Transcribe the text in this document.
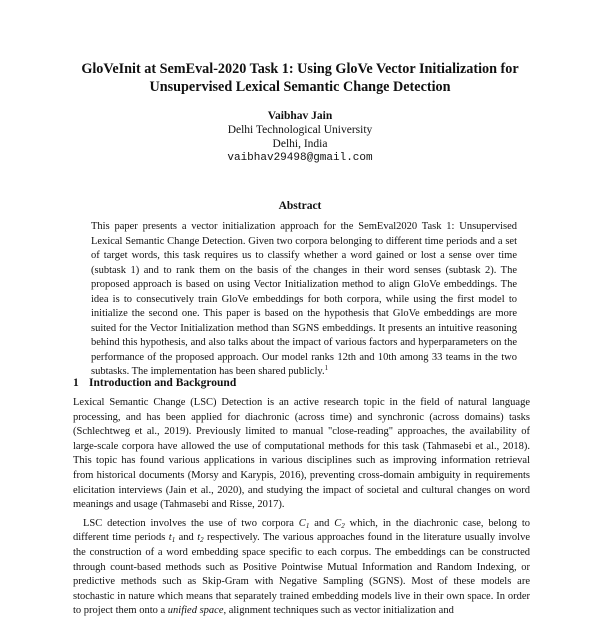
GloVeInit at SemEval-2020 Task 1: Using GloVe Vector Initialization for Unsupervised Lexical Semantic Change Detection
Vaibhav Jain
Delhi Technological University
Delhi, India
vaibhav29498@gmail.com
Abstract
This paper presents a vector initialization approach for the SemEval2020 Task 1: Unsupervised Lexical Semantic Change Detection. Given two corpora belonging to different time periods and a set of target words, this task requires us to classify whether a word gained or lost a sense over time (subtask 1) and to rank them on the basis of the changes in their word senses (subtask 2). The proposed approach is based on using Vector Initialization method to align GloVe embeddings. The idea is to consecutively train GloVe embeddings for both corpora, while using the first model to initialize the second one. This paper is based on the hypothesis that GloVe embeddings are more suited for the Vector Initialization method than SGNS embeddings. It presents an intuitive reasoning behind this hypothesis, and also talks about the impact of various factors and hyperparameters on the performance of the proposed approach. Our model ranks 12th and 10th among 33 teams in the two subtasks. The implementation has been shared publicly.$^1$
1 Introduction and Background

Lexical Semantic Change (LSC) Detection is an active research topic in the field of natural language processing, and has been applied for diachronic (across time) and synchronic (across domains) tasks (Schlechtweg et al., 2019). Previously limited to manual "close-reading" approaches, the availability of large-scale corpora have allowed the use of computational methods for this task (Tahmasebi et al., 2018). This topic has found various applications in various disciplines such as improving information retrieval from historical documents (Morsy and Karypis, 2016), preventing cross-domain ambiguity in requirements elicitation interviews (Jain et al., 2020), and studying the impact of societal and cultural changes on word meanings and usage (Tahmasebi and Risse, 2017).

LSC detection involves the use of two corpora $C_1$ and $C_2$ which, in the diachronic case, belong to different time periods $t_1$ and $t_2$ respectively. The various approaches found in the literature usually involve the construction of a word embedding space specific to each corpus. The embeddings can be constructed through count-based methods such as Positive Pointwise Mutual Information and Random Indexing, or predictive methods such as Skip-Gram with Negative Sampling (SGNS). Most of these models are stochastic in nature which means that separately trained embedding models live in their own space. In order to project them onto a unified space, alignment techniques such as vector initialization and
